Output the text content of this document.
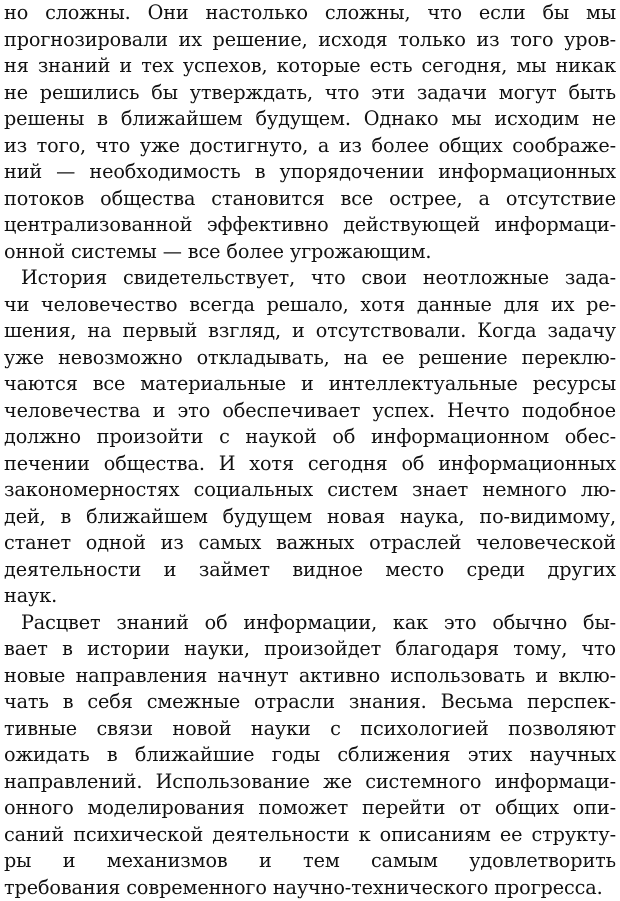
но сложны. Они настолько сложны, что если бы мы
прогнозировали их решение, исходя только из того уров-
ня знаний и тех успехов, которые есть сегодня, мы никак
не решились бы утверждать, что эти задачи могут быть
решены в ближайшем будущем. Однако мы исходим не
из того, что уже достигнуто, а из более общих соображе-
ний — необходимость в упорядочении информационных
потоков общества становится все острее, а отсутствие
централизованной эффективно действующей информаци-
онной системы — все более угрожающим.
История свидетельствует, что свои неотложные зада-
чи человечество всегда решало, хотя данные для их ре-
шения, на первый взгляд, и отсутствовали. Когда задачу
уже невозможно откладывать, на ее решение переклю-
чаются все материальные и интеллектуальные ресурсы
человечества и это обеспечивает успех. Нечто подобное
должно произойти с наукой об информационном обес-
печении общества. И хотя сегодня об информационных
закономерностях социальных систем знает немного лю-
дей, в ближайшем будущем новая наука, по-видимому,
станет одной из самых важных отраслей человеческой
деятельности и займет видное место среди других
наук.
Расцвет знаний об информации, как это обычно бы-
вает в истории науки, произойдет благодаря тому, что
новые направления начнут активно использовать и вклю-
чать в себя смежные отрасли знания. Весьма перспек-
тивные связи новой науки с психологией позволяют
ожидать в ближайшие годы сближения этих научных
направлений. Использование же системного информаци-
онного моделирования поможет перейти от общих опи-
саний психической деятельности к описаниям ее структу-
ры и механизмов и тем самым удовлетворить
требования современного научно-технического прогресса.
